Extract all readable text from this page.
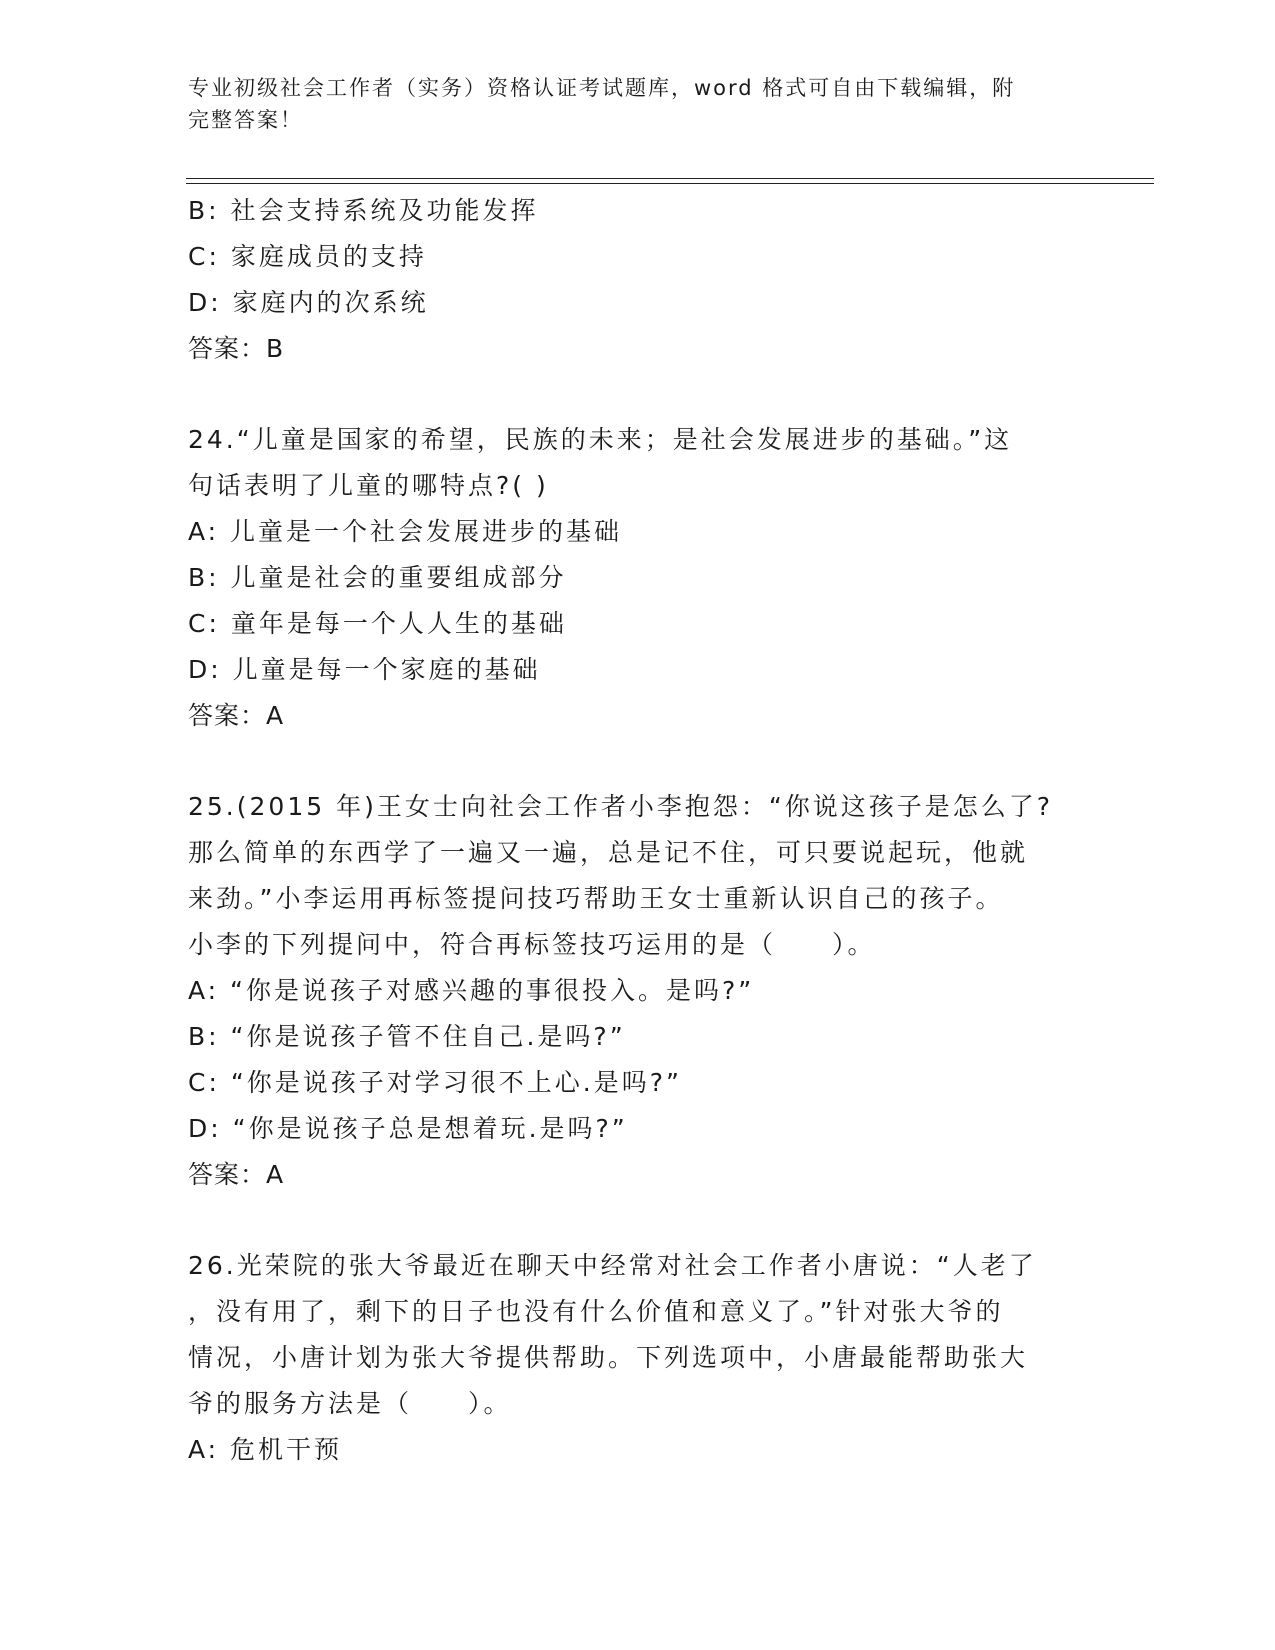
专业初级社会工作者（实务）资格认证考试题库，word 格式可自由下载编辑，附
完整答案！
B: 社会支持系统及功能发挥
C: 家庭成员的支持
D: 家庭内的次系统
答案：B
24.“儿童是国家的希望，民族的未来；是社会发展进步的基础。”这
句话表明了儿童的哪特点?( )
A: 儿童是一个社会发展进步的基础
B: 儿童是社会的重要组成部分
C: 童年是每一个人人生的基础
D: 儿童是每一个家庭的基础
答案：A
25.(2015 年)王女士向社会工作者小李抱怨：“你说这孩子是怎么了?
那么简单的东西学了一遍又一遍，总是记不住，可只要说起玩，他就
来劲。”小李运用再标签提问技巧帮助王女士重新认识自己的孩子。
小李的下列提问中，符合再标签技巧运用的是（　　）。
A: “你是说孩子对感兴趣的事很投入。是吗?”
B: “你是说孩子管不住自己.是吗?”
C: “你是说孩子对学习很不上心.是吗?”
D: “你是说孩子总是想着玩.是吗?”
答案：A
26.光荣院的张大爷最近在聊天中经常对社会工作者小唐说：“人老了
，没有用了，剩下的日子也没有什么价值和意义了。”针对张大爷的
情况，小唐计划为张大爷提供帮助。下列选项中，小唐最能帮助张大
爷的服务方法是（　　）。
A: 危机干预
